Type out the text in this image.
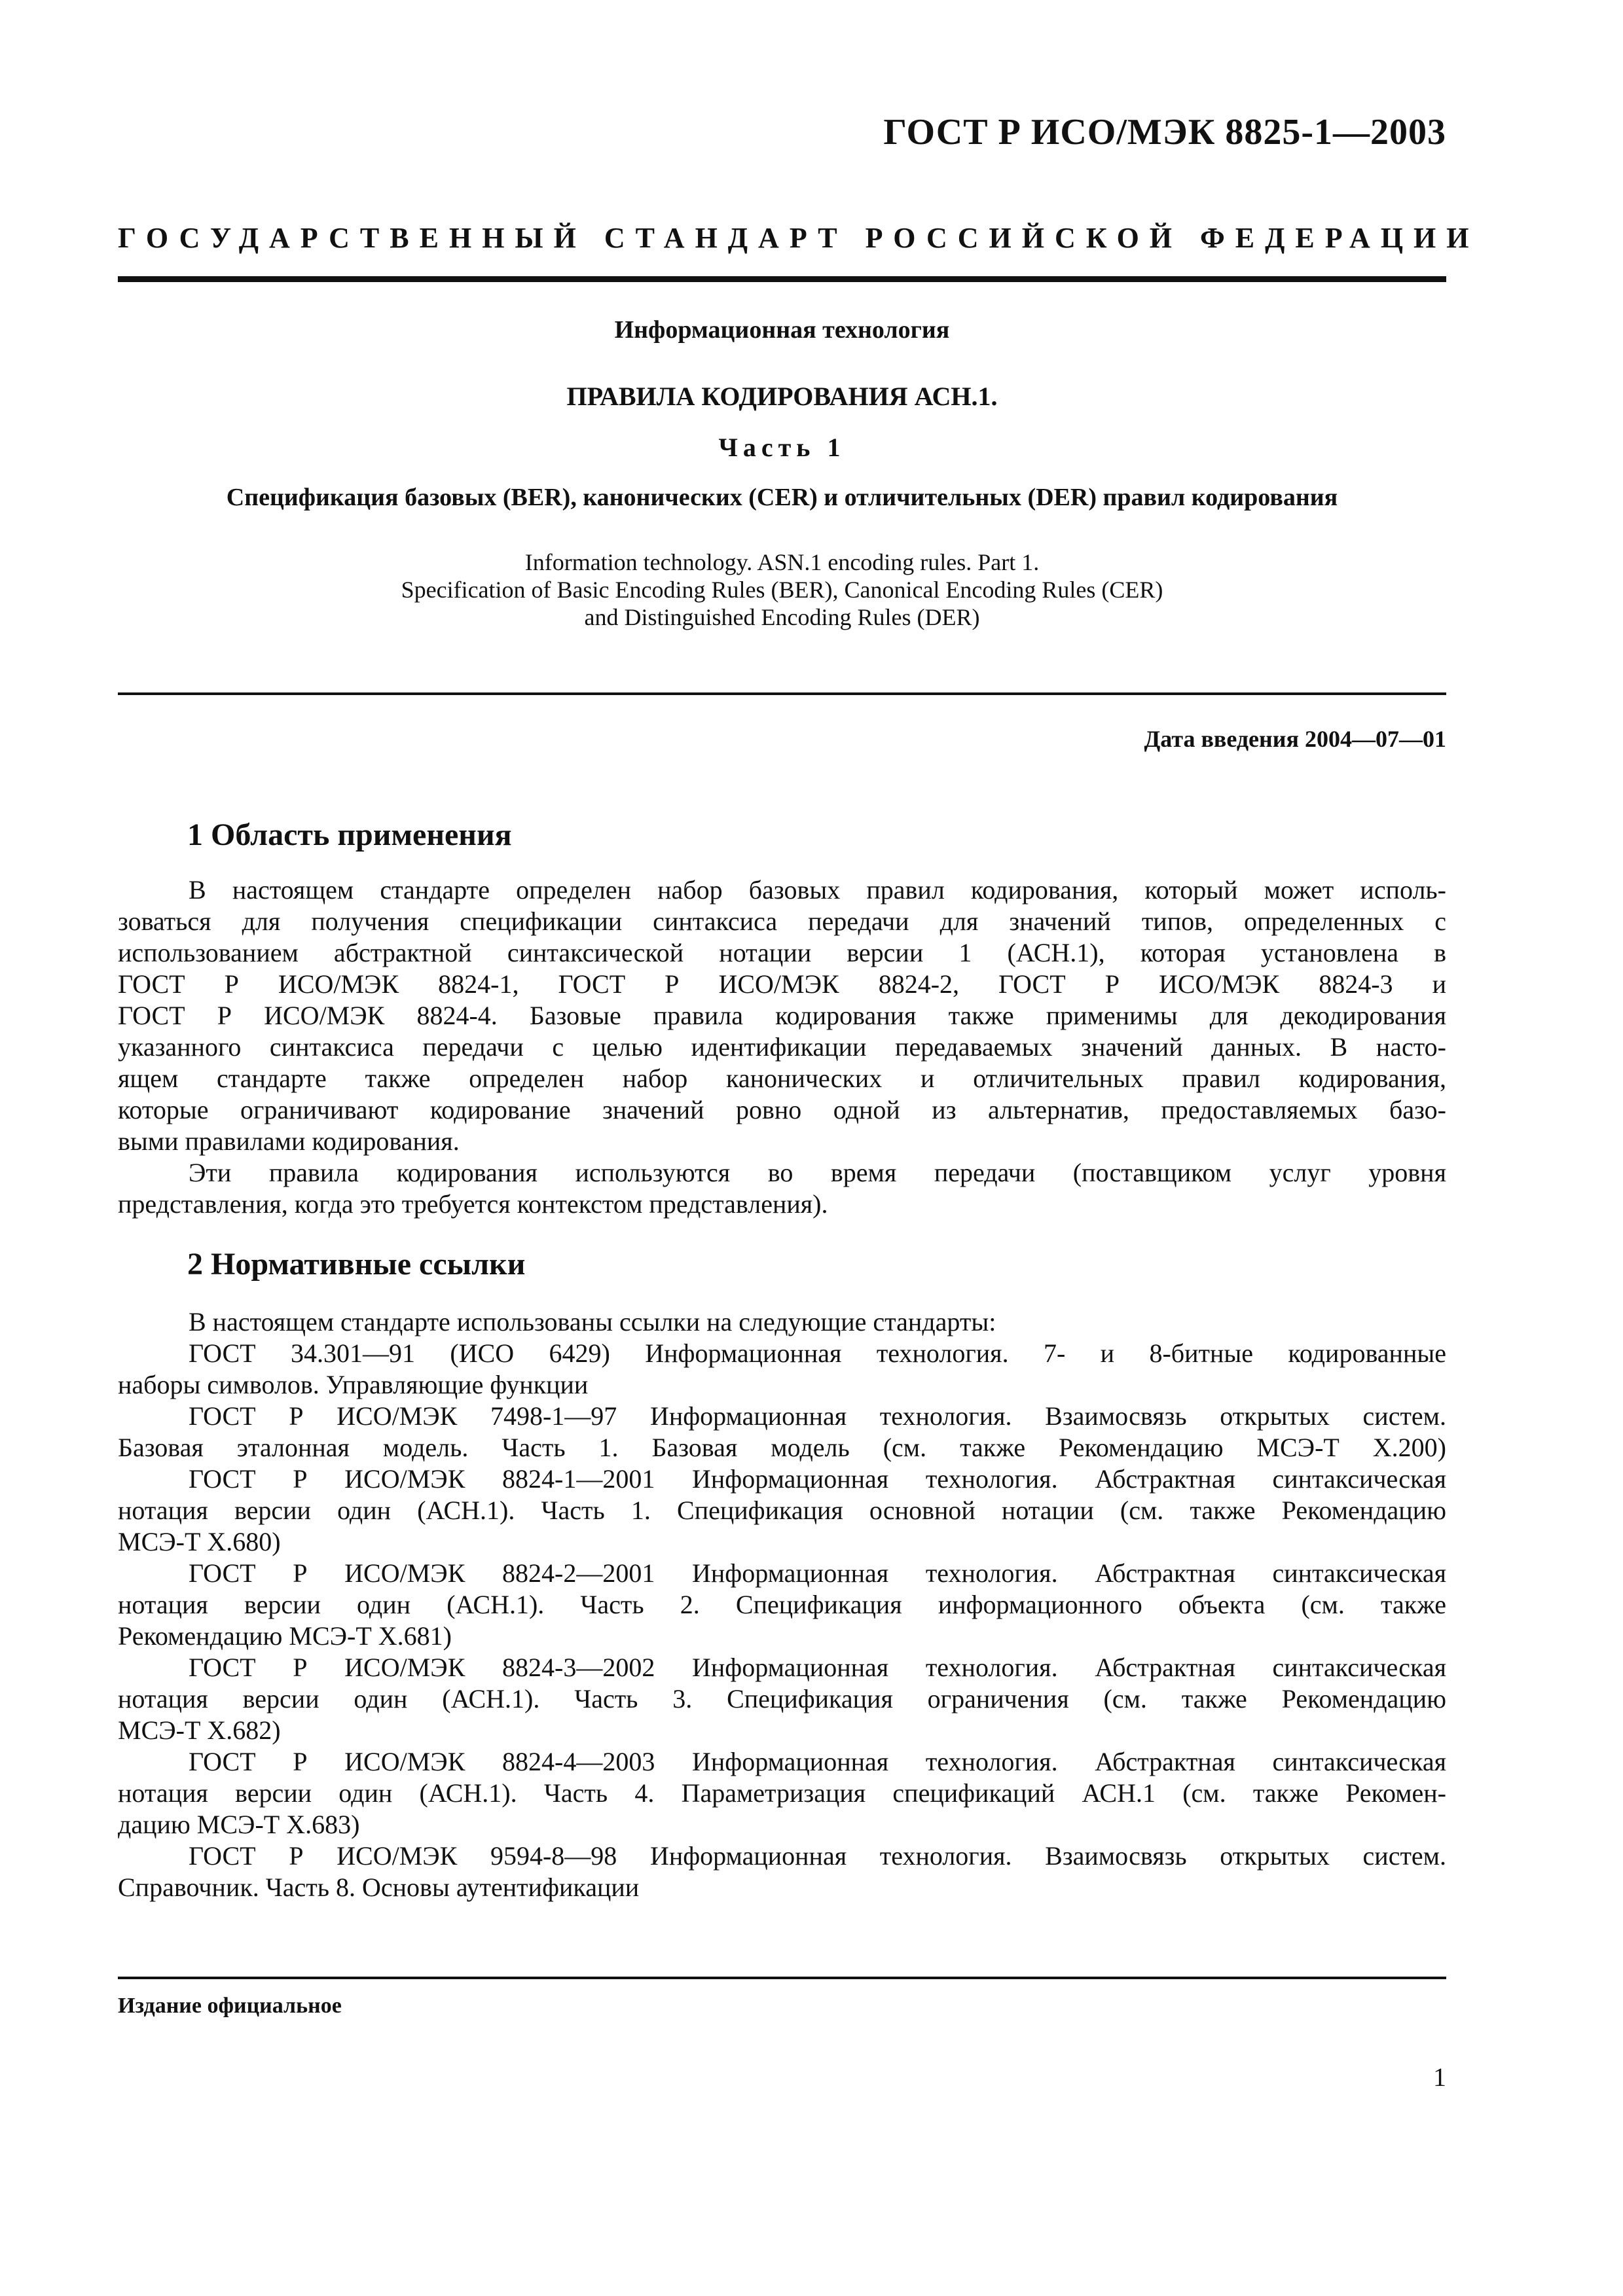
ГОСТ Р ИСО/МЭК 8825-1—2003
ГОСУДАРСТВЕННЫЙ СТАНДАРТ РОССИЙСКОЙ ФЕДЕРАЦИИ
Информационная технология
ПРАВИЛА КОДИРОВАНИЯ АСН.1.
Часть 1
Спецификация базовых (BER), канонических (CER) и отличительных (DER) правил кодирования
Information technology. ASN.1 encoding rules. Part 1.
Specification of Basic Encoding Rules (BER), Canonical Encoding Rules (CER)
and Distinguished Encoding Rules (DER)
Дата введения 2004—07—01
1 Область применения
В настоящем стандарте определен набор базовых правил кодирования, который может исполь-
зоваться для получения спецификации синтаксиса передачи для значений типов, определенных с
использованием абстрактной синтаксической нотации версии 1 (АСН.1), которая установлена в
ГОСТ Р ИСО/МЭК 8824-1, ГОСТ Р ИСО/МЭК 8824-2, ГОСТ Р ИСО/МЭК 8824-3 и
ГОСТ Р ИСО/МЭК 8824-4. Базовые правила кодирования также применимы для декодирования
указанного синтаксиса передачи с целью идентификации передаваемых значений данных. В насто-
ящем стандарте также определен набор канонических и отличительных правил кодирования,
которые ограничивают кодирование значений ровно одной из альтернатив, предоставляемых базо-
выми правилами кодирования.
Эти правила кодирования используются во время передачи (поставщиком услуг уровня
представления, когда это требуется контекстом представления).
2 Нормативные ссылки
В настоящем стандарте использованы ссылки на следующие стандарты:
ГОСТ 34.301—91 (ИСО 6429) Информационная технология. 7- и 8-битные кодированные
наборы символов. Управляющие функции
ГОСТ Р ИСО/МЭК 7498-1—97 Информационная технология. Взаимосвязь открытых систем.
Базовая эталонная модель. Часть 1. Базовая модель (см. также Рекомендацию МСЭ-Т Х.200)
ГОСТ Р ИСО/МЭК 8824-1—2001 Информационная технология. Абстрактная синтаксическая
нотация версии один (АСН.1). Часть 1. Спецификация основной нотации (см. также Рекомендацию
МСЭ-Т Х.680)
ГОСТ Р ИСО/МЭК 8824-2—2001 Информационная технология. Абстрактная синтаксическая
нотация версии один (АСН.1). Часть 2. Спецификация информационного объекта (см. также
Рекомендацию МСЭ-Т Х.681)
ГОСТ Р ИСО/МЭК 8824-3—2002 Информационная технология. Абстрактная синтаксическая
нотация версии один (АСН.1). Часть 3. Спецификация ограничения (см. также Рекомендацию
МСЭ-Т Х.682)
ГОСТ Р ИСО/МЭК 8824-4—2003 Информационная технология. Абстрактная синтаксическая
нотация версии один (АСН.1). Часть 4. Параметризация спецификаций АСН.1 (см. также Рекомен-
дацию МСЭ-Т Х.683)
ГОСТ Р ИСО/МЭК 9594-8—98 Информационная технология. Взаимосвязь открытых систем.
Справочник. Часть 8. Основы аутентификации
Издание официальное
1
